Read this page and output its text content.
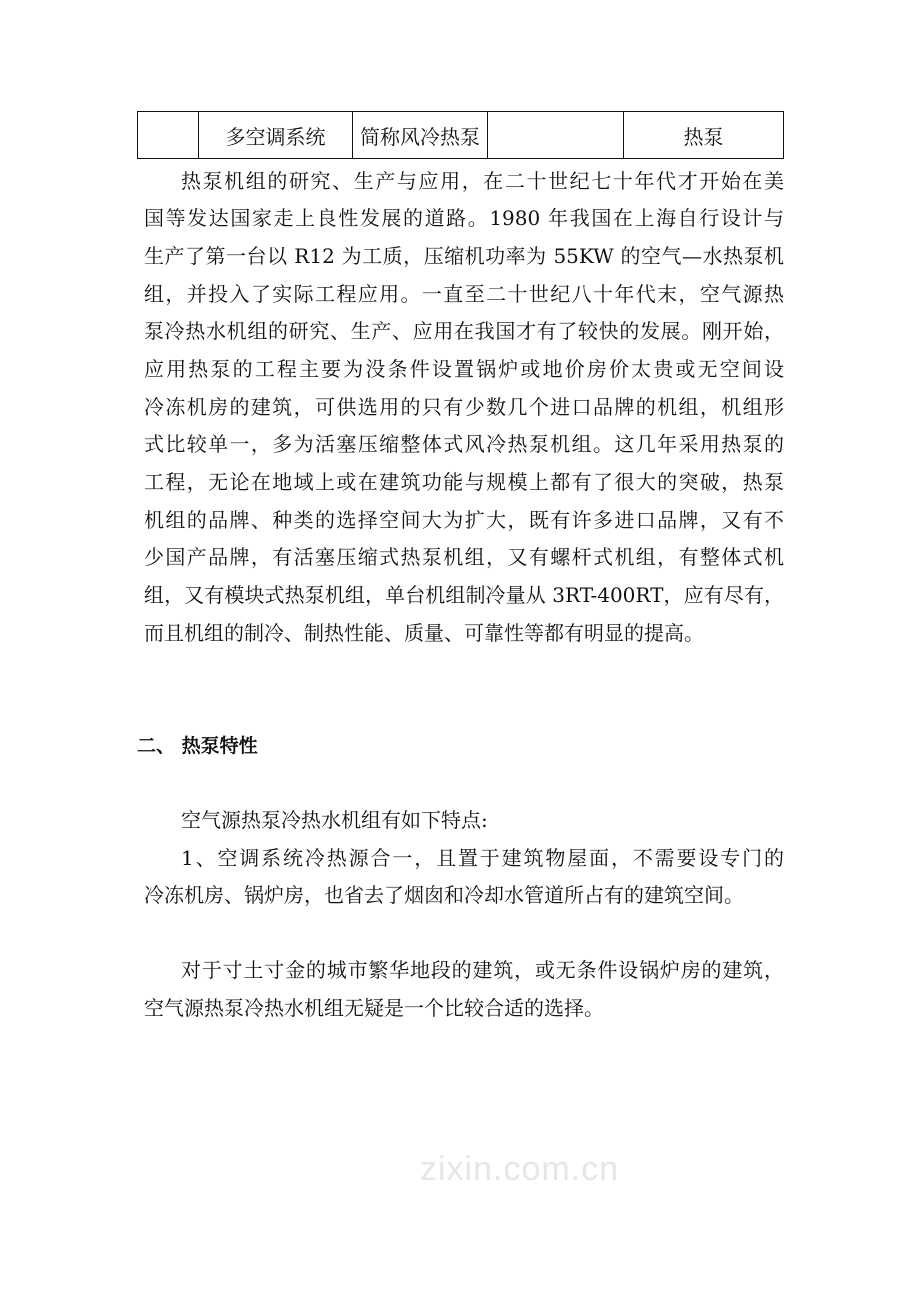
zixin.com.cn
	多空调系统	简称风冷热泵		热泵
热泵机组的研究、生产与应用，在二十世纪七十年代才开始在美
国等发达国家走上良性发展的道路。1980 年我国在上海自行设计与
生产了第一台以 R12 为工质，压缩机功率为 55KW 的空气—水热泵机
组，并投入了实际工程应用。一直至二十世纪八十年代末，空气源热
泵冷热水机组的研究、生产、应用在我国才有了较快的发展。刚开始，
应用热泵的工程主要为没条件设置锅炉或地价房价太贵或无空间设
冷冻机房的建筑，可供选用的只有少数几个进口品牌的机组，机组形
式比较单一，多为活塞压缩整体式风冷热泵机组。这几年采用热泵的
工程，无论在地域上或在建筑功能与规模上都有了很大的突破，热泵
机组的品牌、种类的选择空间大为扩大，既有许多进口品牌，又有不
少国产品牌，有活塞压缩式热泵机组，又有螺杆式机组，有整体式机
组，又有模块式热泵机组，单台机组制冷量从 3RT-400RT，应有尽有，
而且机组的制冷、制热性能、质量、可靠性等都有明显的提高。
二、 热泵特性
空气源热泵冷热水机组有如下特点:
1、空调系统冷热源合一，且置于建筑物屋面，不需要设专门的
冷冻机房、锅炉房，也省去了烟囱和冷却水管道所占有的建筑空间。
对于寸土寸金的城市繁华地段的建筑，或无条件设锅炉房的建筑，
空气源热泵冷热水机组无疑是一个比较合适的选择。
